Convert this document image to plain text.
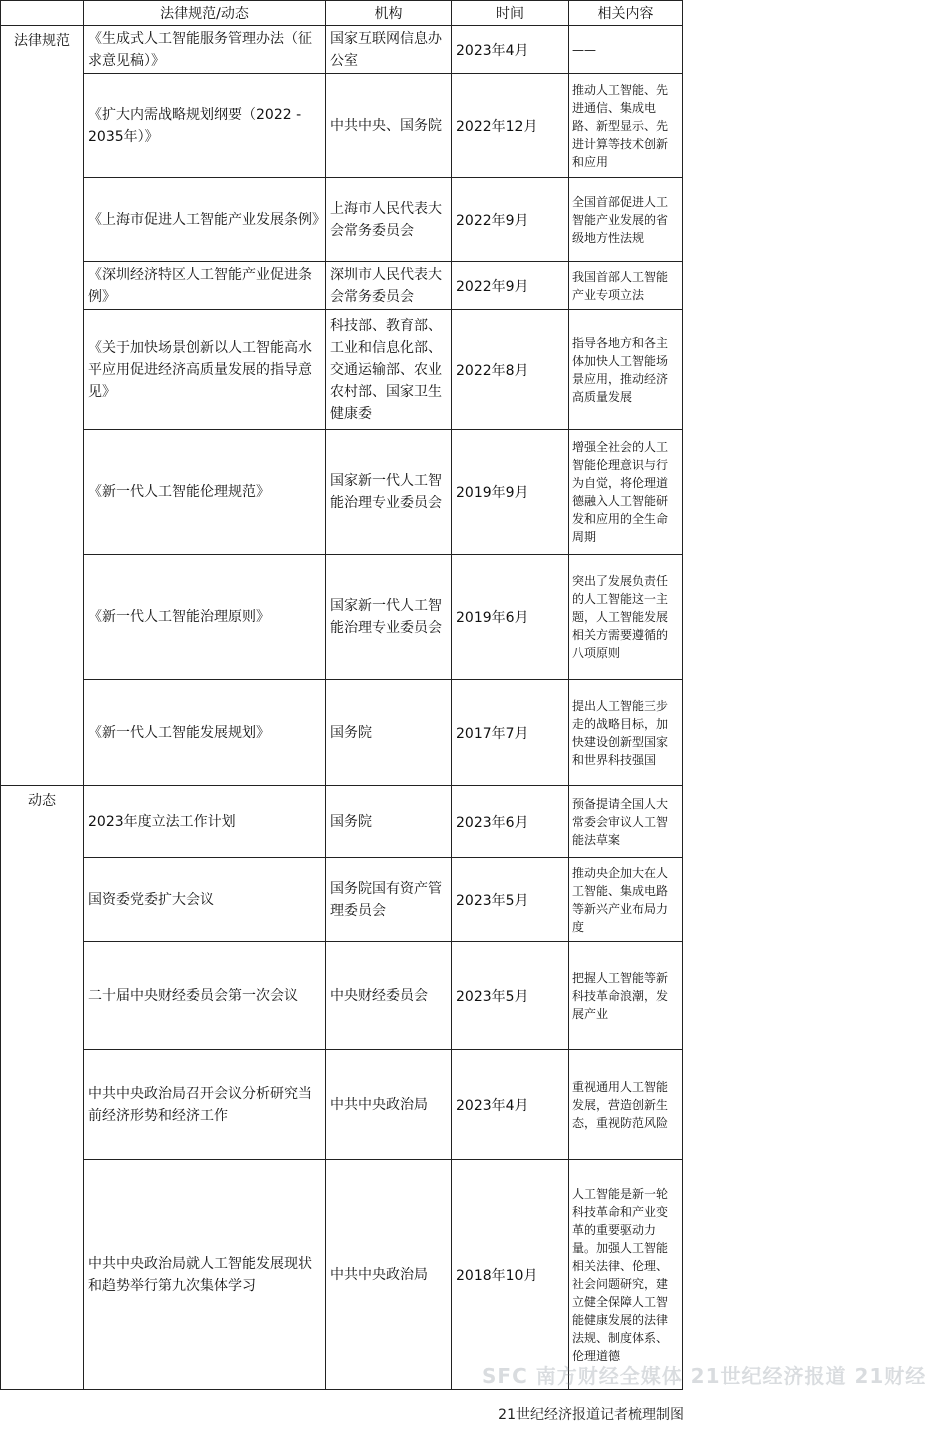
	法律规范/动态	机构	时间	相关内容
法律规范	《生成式人工智能服务管理办法（征求意见稿）》	国家互联网信息办公室	2023年4月	——
	《扩大内需战略规划纲要（2022 - 2035年）》	中共中央、国务院	2022年12月	推动人工智能、先进通信、集成电路、新型显示、先进计算等技术创新和应用
	《上海市促进人工智能产业发展条例》	上海市人民代表大会常务委员会	2022年9月	全国首部促进人工智能产业发展的省级地方性法规
	《深圳经济特区人工智能产业促进条例》	深圳市人民代表大会常务委员会	2022年9月	我国首部人工智能产业专项立法
	《关于加快场景创新以人工智能高水平应用促进经济高质量发展的指导意见》	科技部、教育部、工业和信息化部、交通运输部、农业农村部、国家卫生健康委	2022年8月	指导各地方和各主体加快人工智能场景应用，推动经济高质量发展
	《新一代人工智能伦理规范》	国家新一代人工智能治理专业委员会	2019年9月	增强全社会的人工智能伦理意识与行为自觉，将伦理道德融入人工智能研发和应用的全生命周期
	《新一代人工智能治理原则》	国家新一代人工智能治理专业委员会	2019年6月	突出了发展负责任的人工智能这一主题，人工智能发展相关方需要遵循的八项原则
	《新一代人工智能发展规划》	国务院	2017年7月	提出人工智能三步走的战略目标，加快建设创新型国家和世界科技强国
动态	2023年度立法工作计划	国务院	2023年6月	预备提请全国人大常委会审议人工智能法草案
	国资委党委扩大会议	国务院国有资产管理委员会	2023年5月	推动央企加大在人工智能、集成电路等新兴产业布局力度
	二十届中央财经委员会第一次会议	中央财经委员会	2023年5月	把握人工智能等新科技革命浪潮，发展产业
	中共中央政治局召开会议分析研究当前经济形势和经济工作	中共中央政治局	2023年4月	重视通用人工智能发展，营造创新生态，重视防范风险
	中共中央政治局就人工智能发展现状和趋势举行第九次集体学习	中共中央政治局	2018年10月	人工智能是新一轮科技革命和产业变革的重要驱动力量。加强人工智能相关法律、伦理、社会问题研究，建立健全保障人工智能健康发展的法律法规、制度体系、伦理道德
SFC 南方财经全媒体 21世纪经济报道 21财经
21世纪经济报道记者梳理制图
